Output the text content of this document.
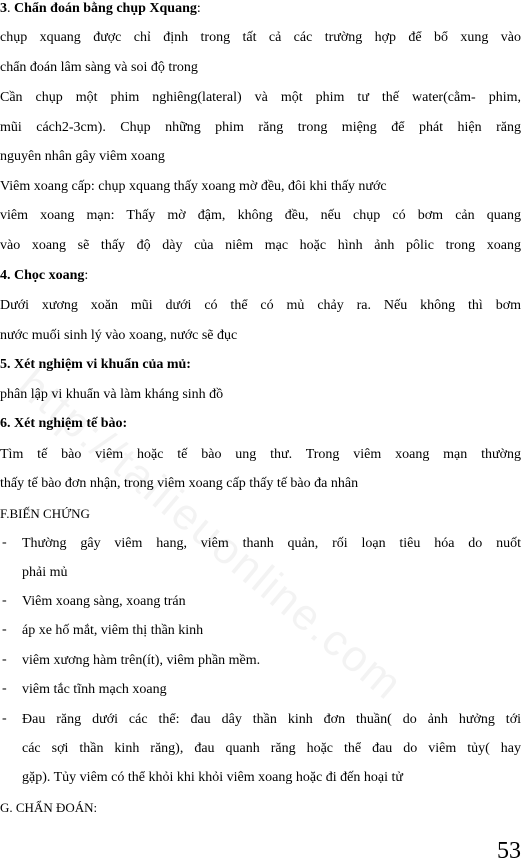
3. Chẩn đoán bằng chụp Xquang:
chụp xquang được chỉ định trong tất cả các trường hợp để bổ xung vào
chẩn đoán lâm sàng và soi độ trong
Cần chụp một phim nghiêng(lateral) và một phim tư thế water(cằm- phim,
mũi cách2-3cm). Chụp những phim răng trong miệng để phát hiện răng
nguyên nhân gây viêm xoang
Viêm xoang cấp: chụp xquang thấy xoang mờ đều, đôi khi thấy nước
viêm xoang mạn: Thấy mờ đậm, không đều, nếu chụp có bơm cản quang
vào xoang sẽ thấy độ dày của niêm mạc hoặc hình ảnh pôlic trong xoang
4. Chọc xoang:
Dưới xương xoăn mũi dưới có thể có mủ chảy ra. Nếu không thì bơm
nước muối sinh lý vào xoang, nước sẽ đục
5. Xét nghiệm vi khuẩn của mủ:
phân lập vi khuẩn và làm kháng sinh đồ
6. Xét nghiệm tế bào:
Tìm tế bào viêm hoặc tế bào ung thư. Trong viêm xoang mạn thường
thấy tế bào đơn nhận, trong viêm xoang cấp thấy tế bào đa nhân
F.BIẾN CHỨNG
- Thường gây viêm hang, viêm thanh quản, rối loạn tiêu hóa do nuốt
phải mủ
- Viêm xoang sàng, xoang trán
- áp xe hố mắt, viêm thị thần kinh
- viêm xương hàm trên(ít), viêm phần mềm.
- viêm tắc tĩnh mạch xoang
- Đau răng dưới các thể: đau dây thần kinh đơn thuần( do ảnh hưởng tới
các sợi thần kinh răng), đau quanh răng hoặc thể đau do viêm tủy( hay
gặp). Tủy viêm có thể khỏi khi khỏi viêm xoang hoặc đi đến hoại tử
G. CHẨN ĐOÁN:
53
